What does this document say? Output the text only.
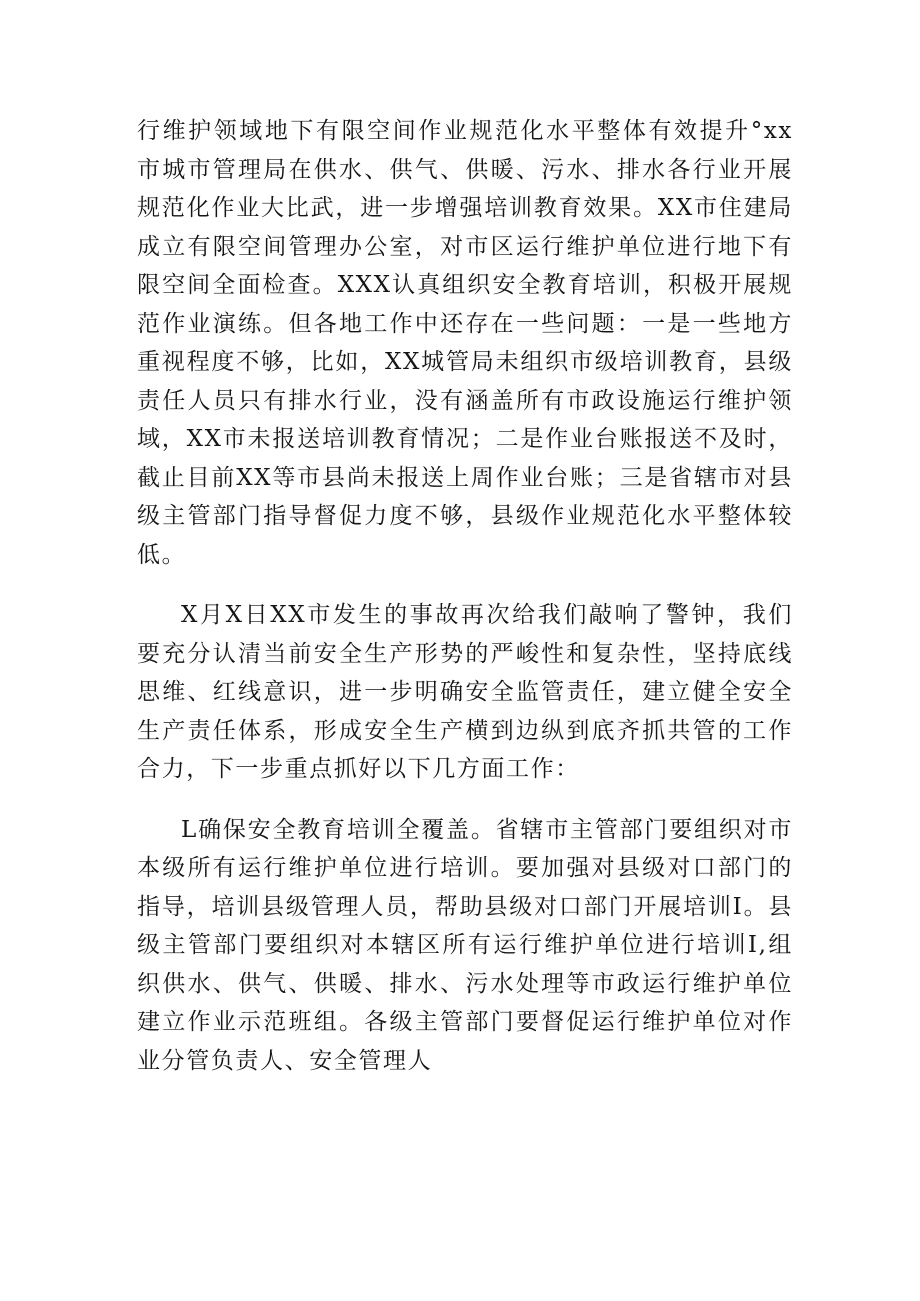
行维护领域地下有限空间作业规范化水平整体有效提升°xx市城市管理局在供水、供气、供暖、污水、排水各行业开展规范化作业大比武，进一步增强培训教育效果。XX市住建局成立有限空间管理办公室，对市区运行维护单位进行地下有限空间全面检查。XXX认真组织安全教育培训，积极开展规范作业演练。但各地工作中还存在一些问题：一是一些地方重视程度不够，比如，XX城管局未组织市级培训教育，县级责任人员只有排水行业，没有涵盖所有市政设施运行维护领域，XX市未报送培训教育情况；二是作业台账报送不及时，截止目前XX等市县尚未报送上周作业台账；三是省辖市对县级主管部门指导督促力度不够，县级作业规范化水平整体较低。

X月X日XX市发生的事故再次给我们敲响了警钟，我们要充分认清当前安全生产形势的严峻性和复杂性，坚持底线思维、红线意识，进一步明确安全监管责任，建立健全安全生产责任体系，形成安全生产横到边纵到底齐抓共管的工作合力，下一步重点抓好以下几方面工作：

L确保安全教育培训全覆盖。省辖市主管部门要组织对市本级所有运行维护单位进行培训。要加强对县级对口部门的指导，培训县级管理人员，帮助县级对口部门开展培训I。县级主管部门要组织对本辖区所有运行维护单位进行培训I,组织供水、供气、供暖、排水、污水处理等市政运行维护单位建立作业示范班组。各级主管部门要督促运行维护单位对作业分管负责人、安全管理人
